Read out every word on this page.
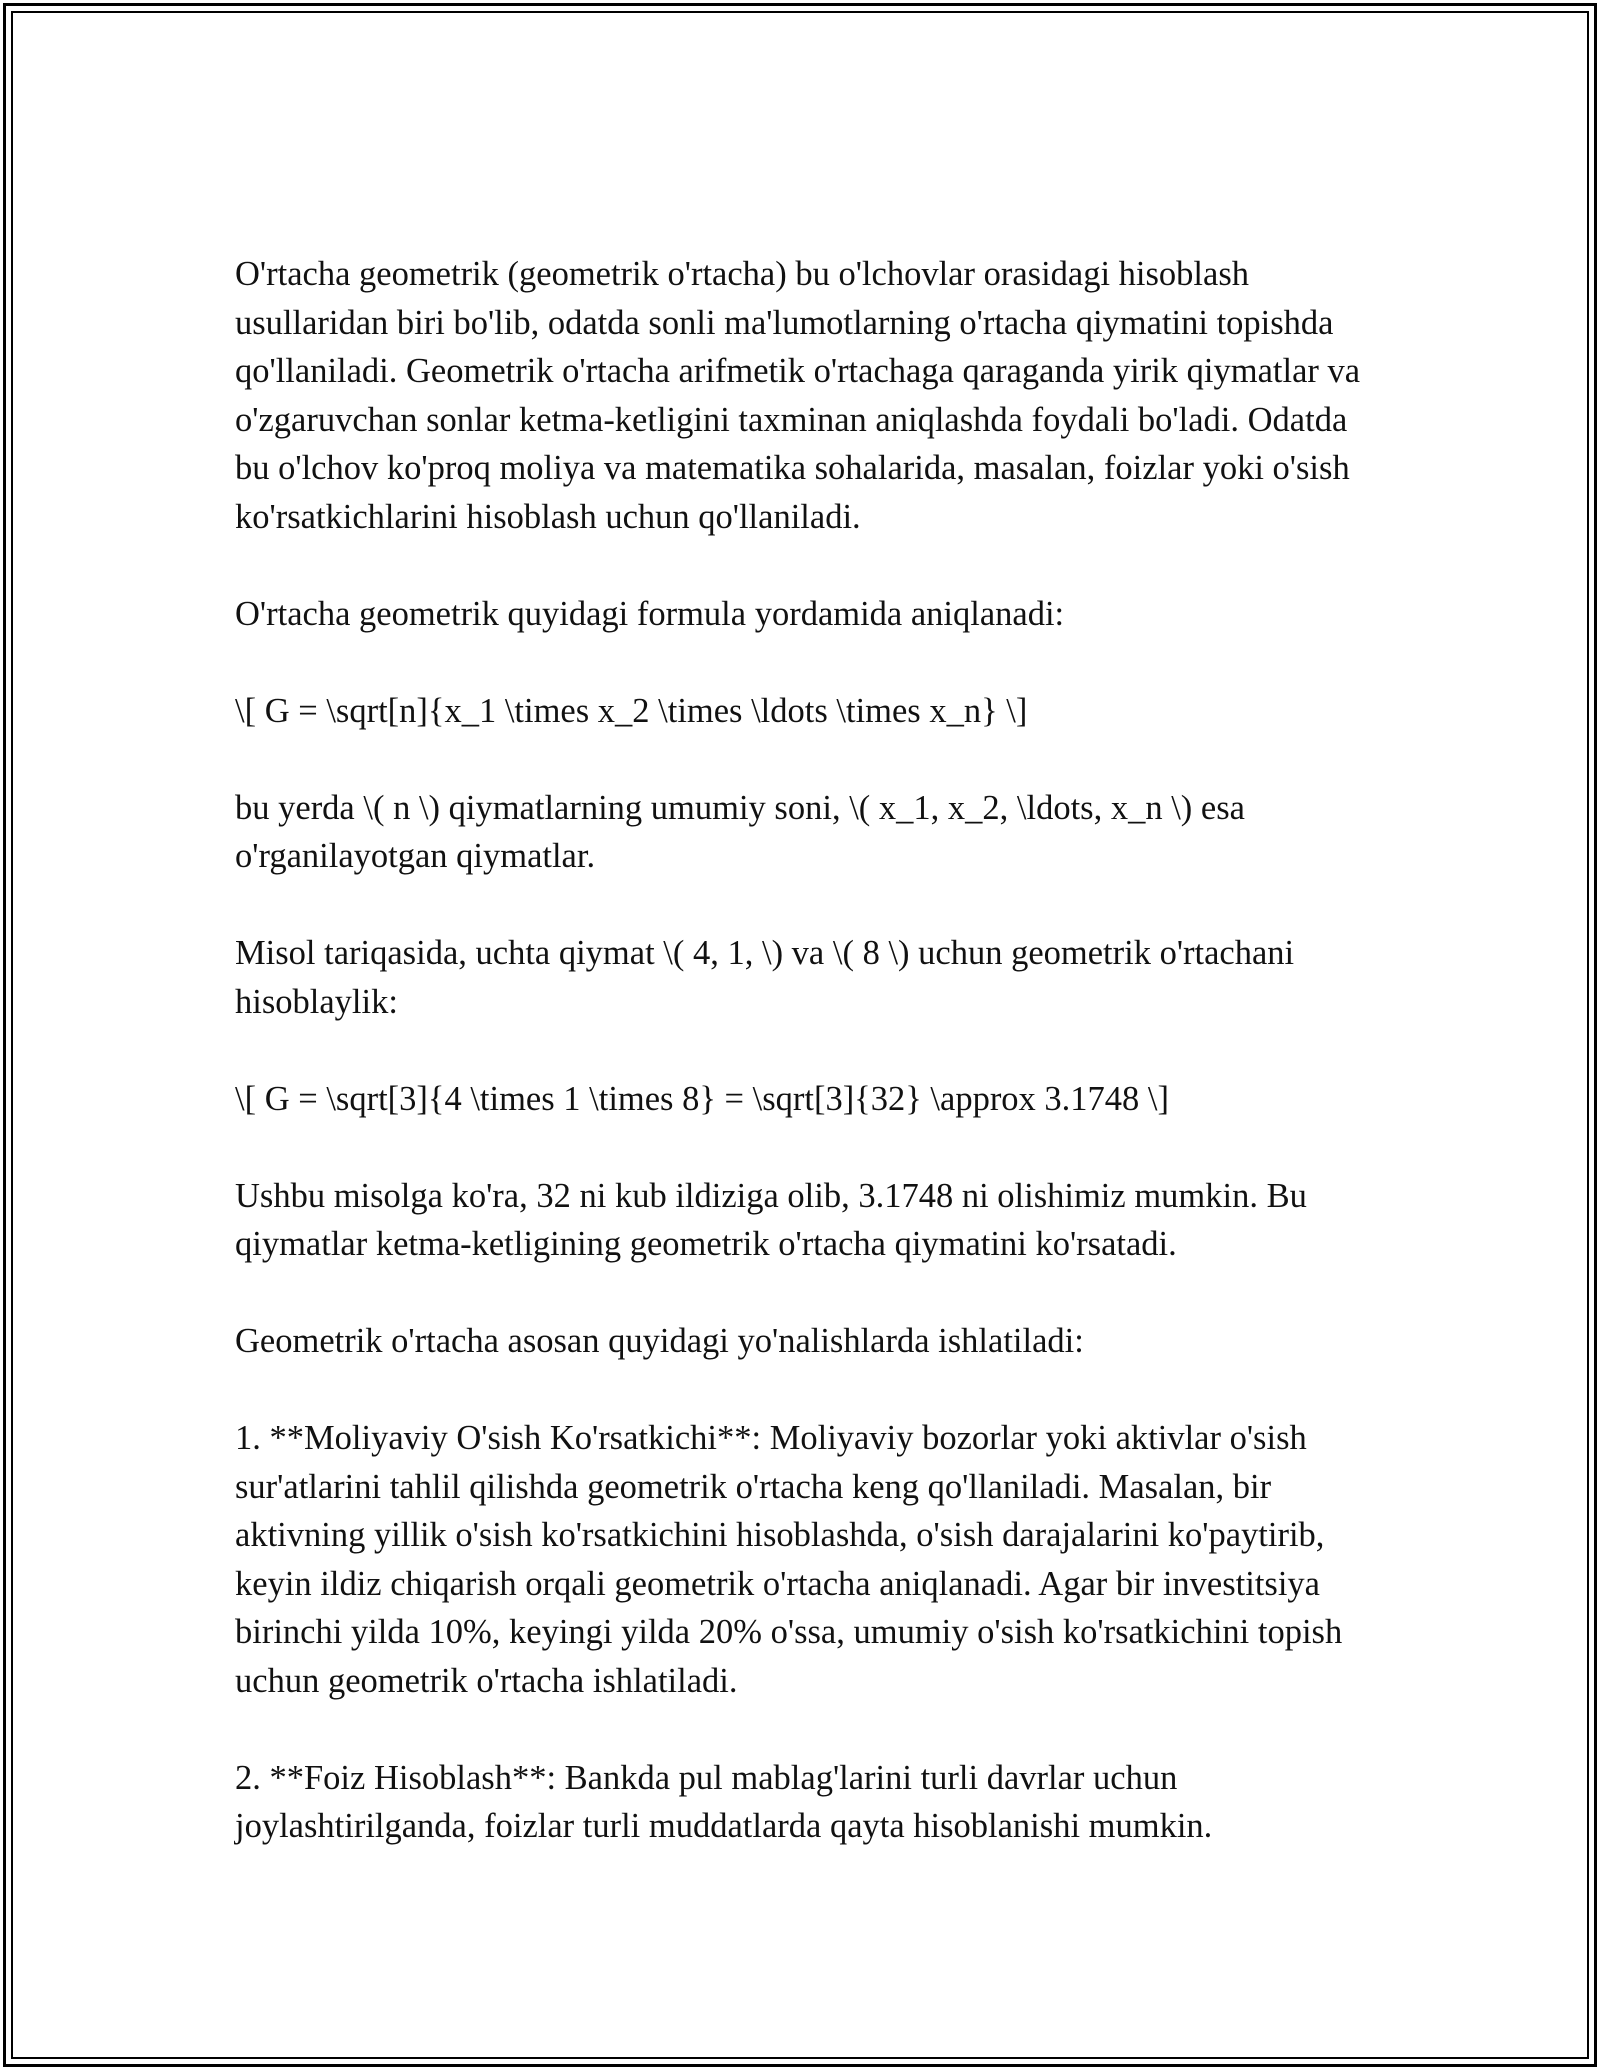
O'rtacha geometrik (geometrik o'rtacha) bu o'lchovlar orasidagi hisoblash usullaridan biri bo'lib, odatda sonli ma'lumotlarning o'rtacha qiymatini topishda qo'llaniladi. Geometrik o'rtacha arifmetik o'rtachaga qaraganda yirik qiymatlar va o'zgaruvchan sonlar ketma-ketligini taxminan aniqlashda foydali bo'ladi. Odatda bu o'lchov ko'proq moliya va matematika sohalarida, masalan, foizlar yoki o'sish ko'rsatkichlarini hisoblash uchun qo'llaniladi.

O'rtacha geometrik quyidagi formula yordamida aniqlanadi:

\[ G = \sqrt[n]{x_1 \times x_2 \times \ldots \times x_n} \]

bu yerda \( n \) qiymatlarning umumiy soni, \( x_1, x_2, \ldots, x_n \) esa o'rganilayotgan qiymatlar.

Misol tariqasida, uchta qiymat \( 4, 1, \) va \( 8 \) uchun geometrik o'rtachani hisoblaylik:

\[ G = \sqrt[3]{4 \times 1 \times 8} = \sqrt[3]{32} \approx 3.1748 \]

Ushbu misolga ko'ra, 32 ni kub ildiziga olib, 3.1748 ni olishimiz mumkin. Bu qiymatlar ketma-ketligining geometrik o'rtacha qiymatini ko'rsatadi.

Geometrik o'rtacha asosan quyidagi yo'nalishlarda ishlatiladi:

1. **Moliyaviy O'sish Ko'rsatkichi**: Moliyaviy bozorlar yoki aktivlar o'sish sur'atlarini tahlil qilishda geometrik o'rtacha keng qo'llaniladi. Masalan, bir aktivning yillik o'sish ko'rsatkichini hisoblashda, o'sish darajalarini ko'paytirib, keyin ildiz chiqarish orqali geometrik o'rtacha aniqlanadi. Agar bir investitsiya birinchi yilda 10%, keyingi yilda 20% o'ssa, umumiy o'sish ko'rsatkichini topish uchun geometrik o'rtacha ishlatiladi.

2. **Foiz Hisoblash**: Bankda pul mablag'larini turli davrlar uchun joylashtirilganda, foizlar turli muddatlarda qayta hisoblanishi mumkin.
